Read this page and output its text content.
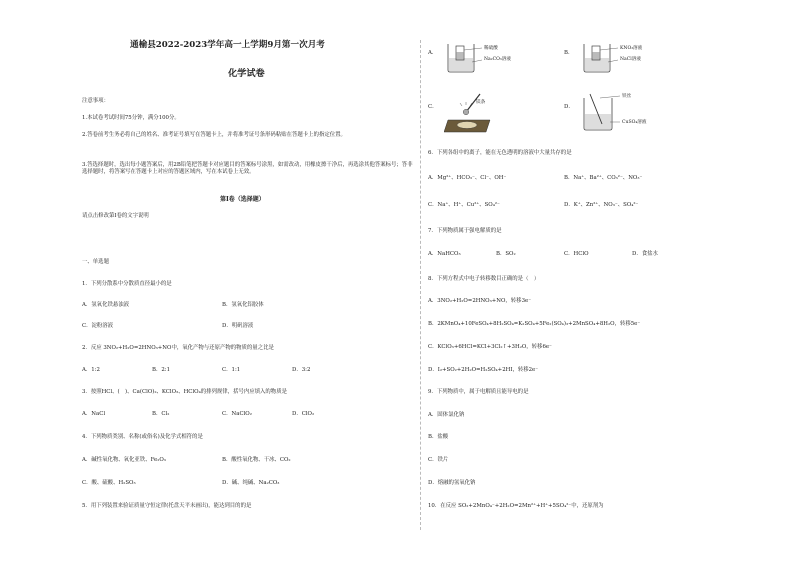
通榆县2022-2023学年高一上学期9月第一次月考
化学试卷
注意事项：
1.本试卷考试时间75分钟，满分100分。
2.答卷前考生务必将自己的姓名、准考证号填写在答题卡上，并将准考证号条形码粘贴在答题卡上的指定位置。
3.答选择题时，选出每小题答案后，用2B铅笔把答题卡对应题目的答案标号涂黑，如需改动，用橡皮擦干净后，再选涂其他答案标号；答非选择题时，将答案写在答题卡上对应的答题区域内，写在本试卷上无效。
第I卷（选择题）
请点击修改第I卷的文字说明
一、单选题
1．下列分散系中分散质直径最小的是
A．氢氧化铁悬浊液	B．氢氧化铝胶体
C．淀粉溶液	D．明矾溶液
2．反应 3NO₂+H₂O=2HNO₃+NO中，氧化产物与还原产物的物质的量之比是
A．1:2	B．2:1	C．1:1	D．3:2
3．按照HCl、(　)、Ca(ClO)₂、KClO₃、HClO₄的排列规律，括号内应填入的物质是
A．NaCl	B．Cl₂	C．NaClO₂	D．ClO₂
4．下列物质类别、名称(或俗名)及化学式相符的是
A．碱性氧化物、氧化亚铁、Fe₂O₃	B．酸性氧化物、干冰、CO₂
C．酸、硫酸、H₂SO₃	D．碱、纯碱、Na₂CO₃
5．用下列装置来验证质量守恒定律(托盘天平未画出)，能达到目的的是
A．
稀硫酸
Na₂CO₃溶液
B．
KNO₃溶液
NaCl溶液
C．
镁条
D．
铁丝
CuSO₄溶液
6．下列各组中的离子，能在无色透明的溶液中大量共存的是
A．Mg²⁺、HCO₃⁻、Cl⁻、OH⁻	B．Na⁺、Ba²⁺、CO₃²⁻、NO₃⁻
C．Na⁺、H⁺、Cu²⁺、SO₄²⁻	D．K⁺、Zn²⁺、NO₃⁻、SO₄²⁻
7．下列物质属于强电解质的是
A．NaHCO₃	B．SO₂	C．HClO	D．食盐水
8．下列方程式中电子转移数目正确的是（　）
A．3NO₂+H₂O=2HNO₃+NO，转移3e⁻
B．2KMnO₄+10FeSO₄+8H₂SO₄=K₂SO₄+5Fe₂(SO₄)₃+2MnSO₄+8H₂O，转移5e⁻
C．KClO₃+6HCl=KCl+3Cl₂↑+3H₂O，转移6e⁻
D．I₂+SO₂+2H₂O=H₂SO₄+2HI，转移2e⁻
9．下列物质中，属于电解质且能导电的是
A．固体氯化钠
B．盐酸
C．铁片
D．熔融的氢氧化钠
10．在反应 SO₂+2MnO₄⁻+2H₂O=2Mn²⁺+H⁺+5SO₄²⁻中，还原剂为
